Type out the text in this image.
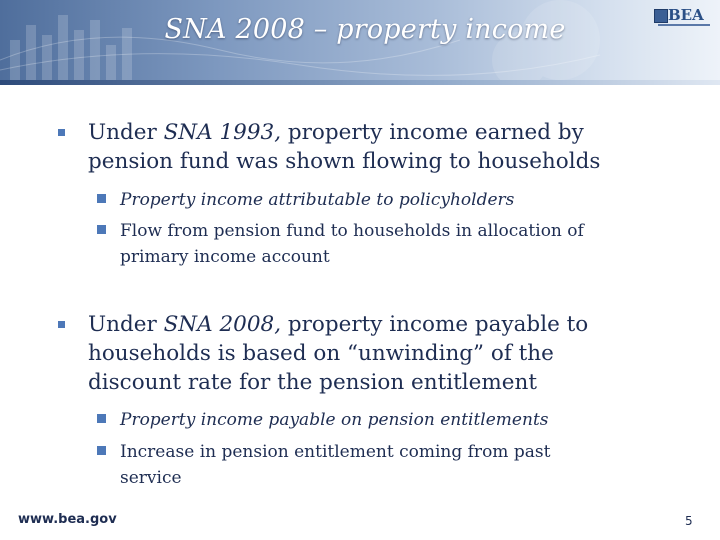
SNA 2008 – property income	BEA
Under SNA 1993, property income earned by
pension fund was shown flowing to households
Property income attributable to policyholders
Flow from pension fund to households in allocation of
primary income account
Under SNA 2008, property income payable to
households is based on “unwinding” of the
discount rate for the pension entitlement
Property income payable on pension entitlements
Increase in pension entitlement coming from past
service
www.bea.gov	5
